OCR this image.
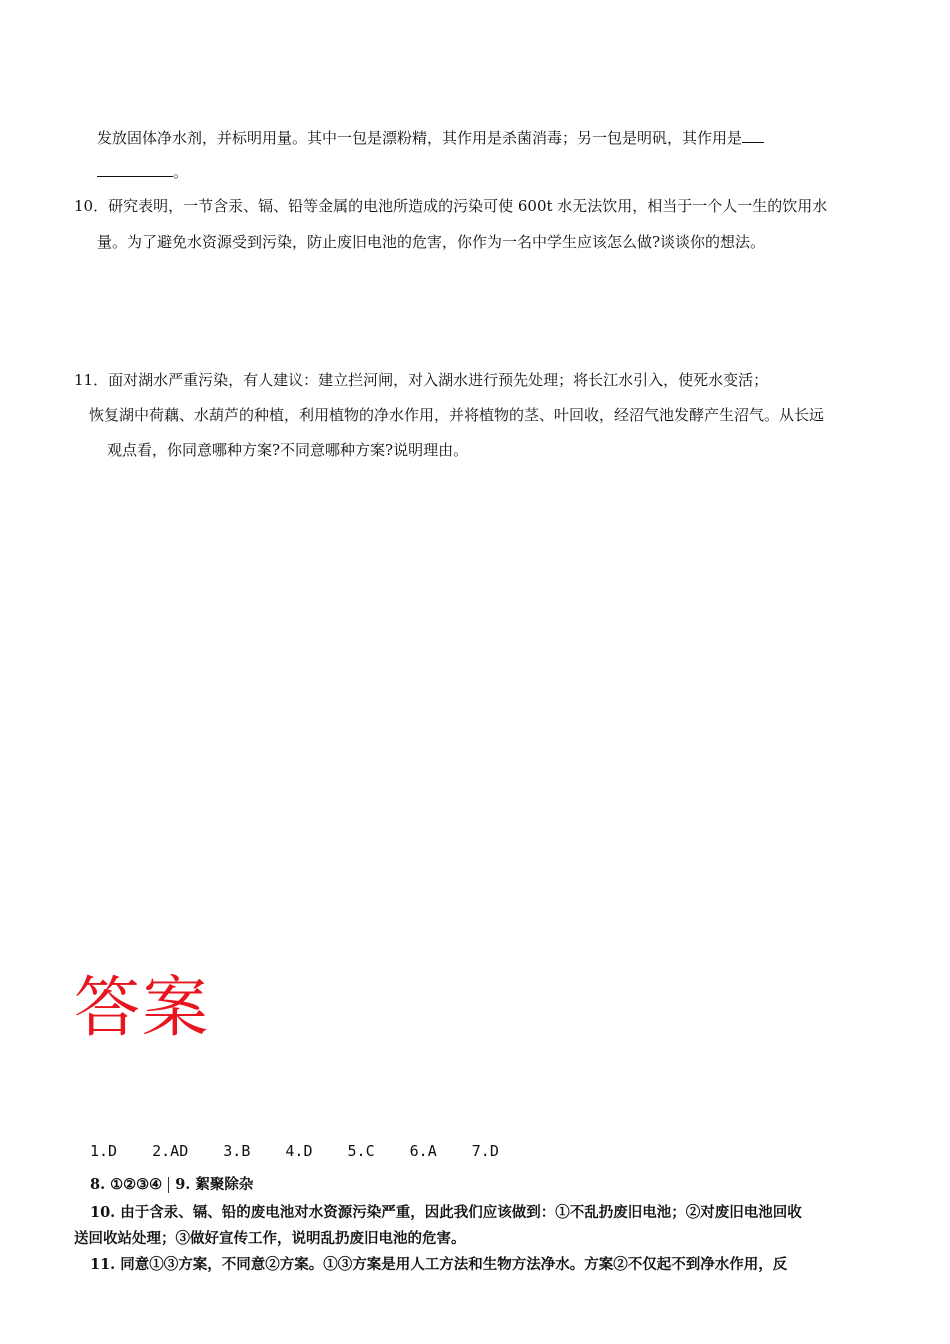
发放固体净水剂，并标明用量。其中一包是漂粉精，其作用是杀菌消毒；另一包是明矾，其作用是
。
10．研究表明，一节含汞、镉、铅等金属的电池所造成的污染可使 600t 水无法饮用，相当于一个人一生的饮用水
量。为了避免水资源受到污染，防止废旧电池的危害，你作为一名中学生应该怎么做?谈谈你的想法。
11．面对湖水严重污染，有人建议：建立拦河闸，对入湖水进行预先处理；将长江水引入，使死水变活；
恢复湖中荷藕、水葫芦的种植，利用植物的净水作用，并将植物的茎、叶回收，经沼气池发酵产生沼气。从长远
观点看，你同意哪种方案?不同意哪种方案?说明理由。
答案
1.D 2.AD 3.B 4.D 5.C 6.A 7.D
8. ①②③④ 9. 絮聚除杂
10. 由于含汞、镉、铅的废电池对水资源污染严重，因此我们应该做到：①不乱扔废旧电池；②对废旧电池回收
送回收站处理；③做好宣传工作，说明乱扔废旧电池的危害。
11. 同意①③方案，不同意②方案。①③方案是用人工方法和生物方法净水。方案②不仅起不到净水作用，反
